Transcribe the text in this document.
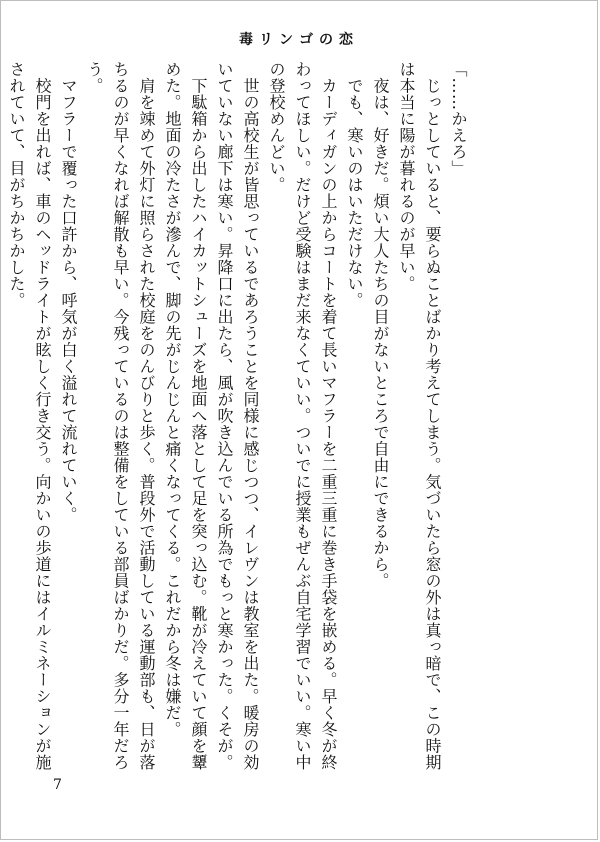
毒リンゴの恋

「……かえろ」

　じっとしていると、要らぬことばかり考えてしまう。気づいたら窓の外は真っ暗で、この時期は本当に陽が暮れるのが早い。

　夜は、好きだ。煩い大人たちの目がないところで自由にできるから。

　でも、寒いのはいただけない。

　カーディガンの上からコートを着て長いマフラーを二重三重に巻き手袋を嵌める。早く冬が終わってほしい。だけど受験はまだ来なくていい。ついでに授業もぜんぶ自宅学習でいい。寒い中の登校めんどい。

　世の高校生が皆思っているであろうことを同様に感じつつ、イレヴンは教室を出た。暖房の効いていない廊下は寒い。昇降口に出たら、風が吹き込んでいる所為でもっと寒かった。くそが。

　下駄箱から出したハイカットシューズを地面へ落として足を突っ込む。靴が冷えていて顔を顰めた。地面の冷たさが滲んで、脚の先がじんじんと痛くなってくる。これだから冬は嫌だ。

　肩を竦めて外灯に照らされた校庭をのんびりと歩く。普段外で活動している運動部も、日が落ちるのが早くなれば解散も早い。今残っているのは整備をしている部員ばかりだ。多分一年だろう。

　マフラーで覆った口許から、呼気が白く溢れて流れていく。

　校門を出れば、車のヘッドライトが眩しく行き交う。向かいの歩道にはイルミネーションが施されていて、目がちかちかした。

7
